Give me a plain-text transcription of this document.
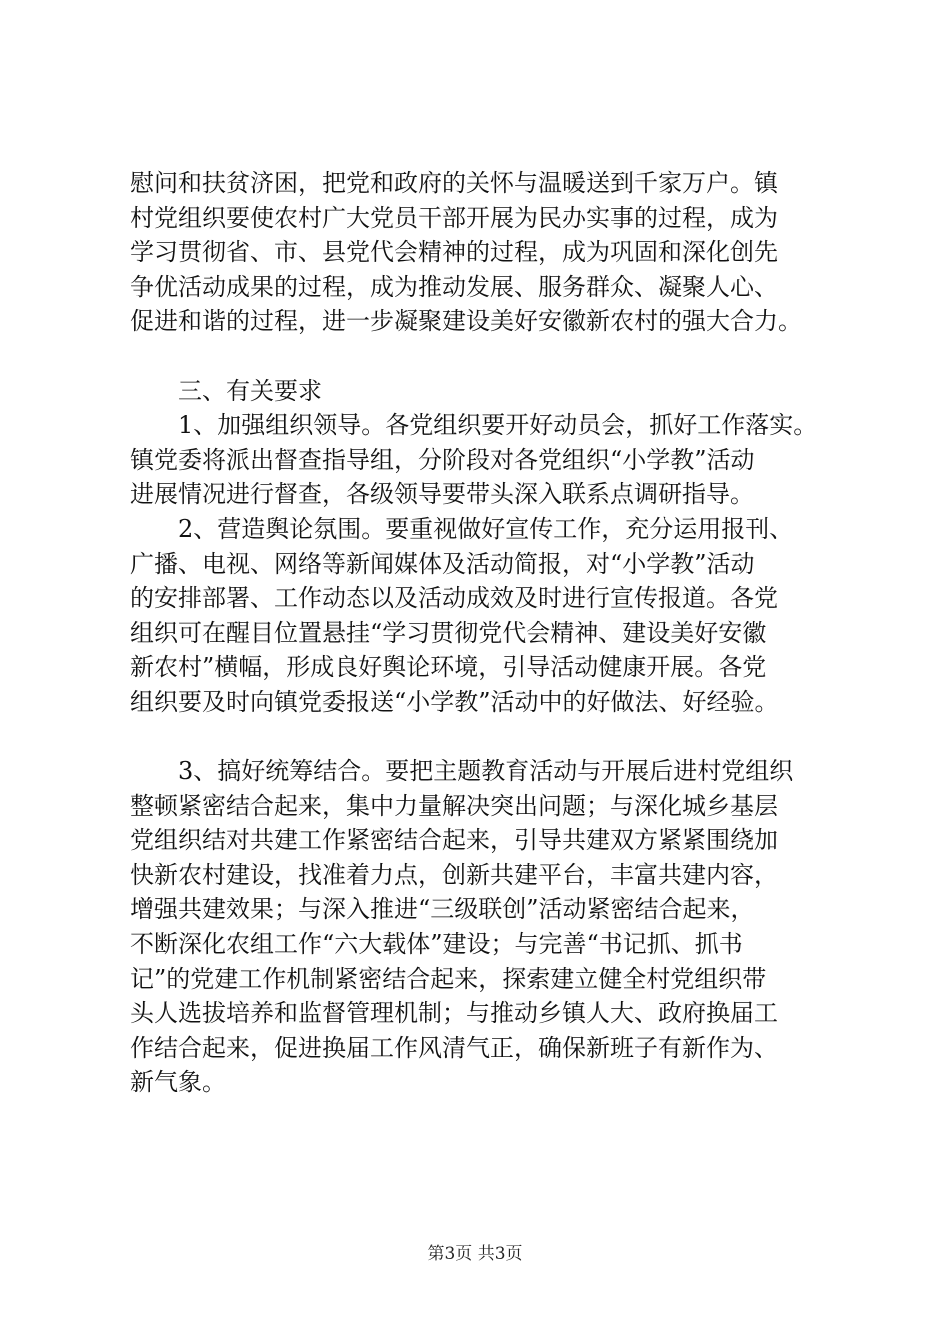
慰问和扶贫济困，把党和政府的关怀与温暖送到千家万户。镇
村党组织要使农村广大党员干部开展为民办实事的过程，成为
学习贯彻省、市、县党代会精神的过程，成为巩固和深化创先
争优活动成果的过程，成为推动发展、服务群众、凝聚人心、
促进和谐的过程，进一步凝聚建设美好安徽新农村的强大合力。
三、有关要求
1、加强组织领导。各党组织要开好动员会，抓好工作落实。
镇党委将派出督查指导组，分阶段对各党组织“小学教”活动
进展情况进行督查，各级领导要带头深入联系点调研指导。
2、营造舆论氛围。要重视做好宣传工作，充分运用报刊、
广播、电视、网络等新闻媒体及活动简报，对“小学教”活动
的安排部署、工作动态以及活动成效及时进行宣传报道。各党
组织可在醒目位置悬挂“学习贯彻党代会精神、建设美好安徽
新农村”横幅，形成良好舆论环境，引导活动健康开展。各党
组织要及时向镇党委报送“小学教”活动中的好做法、好经验。
3、搞好统筹结合。要把主题教育活动与开展后进村党组织
整顿紧密结合起来，集中力量解决突出问题；与深化城乡基层
党组织结对共建工作紧密结合起来，引导共建双方紧紧围绕加
快新农村建设，找准着力点，创新共建平台，丰富共建内容，
增强共建效果；与深入推进“三级联创”活动紧密结合起来，
不断深化农组工作“六大载体”建设；与完善“书记抓、抓书
记”的党建工作机制紧密结合起来，探索建立健全村党组织带
头人选拔培养和监督管理机制；与推动乡镇人大、政府换届工
作结合起来，促进换届工作风清气正，确保新班子有新作为、
新气象。
第3页 共3页
